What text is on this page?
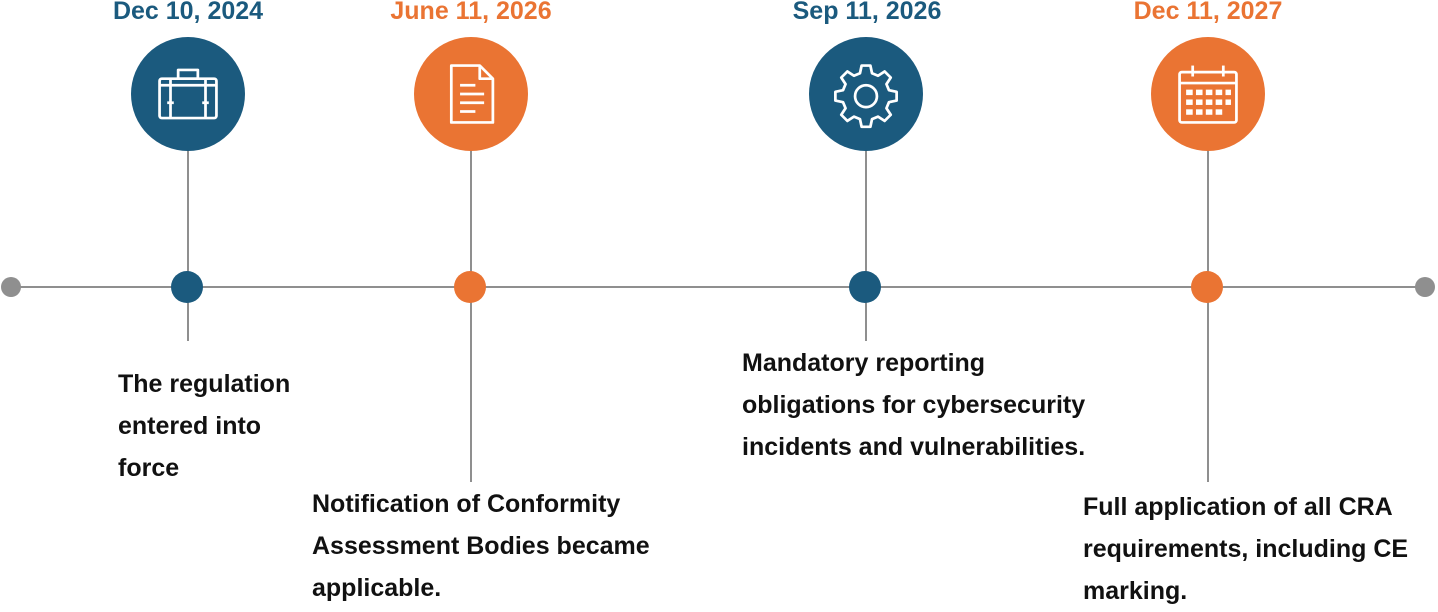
Dec 10, 2024
The regulation
entered into
force
June 11, 2026
Notification of Conformity
Assessment Bodies became
applicable.
Sep 11, 2026
Mandatory reporting
obligations for cybersecurity
incidents and vulnerabilities.
Dec 11, 2027
Full application of all CRA
requirements, including CE
marking.
